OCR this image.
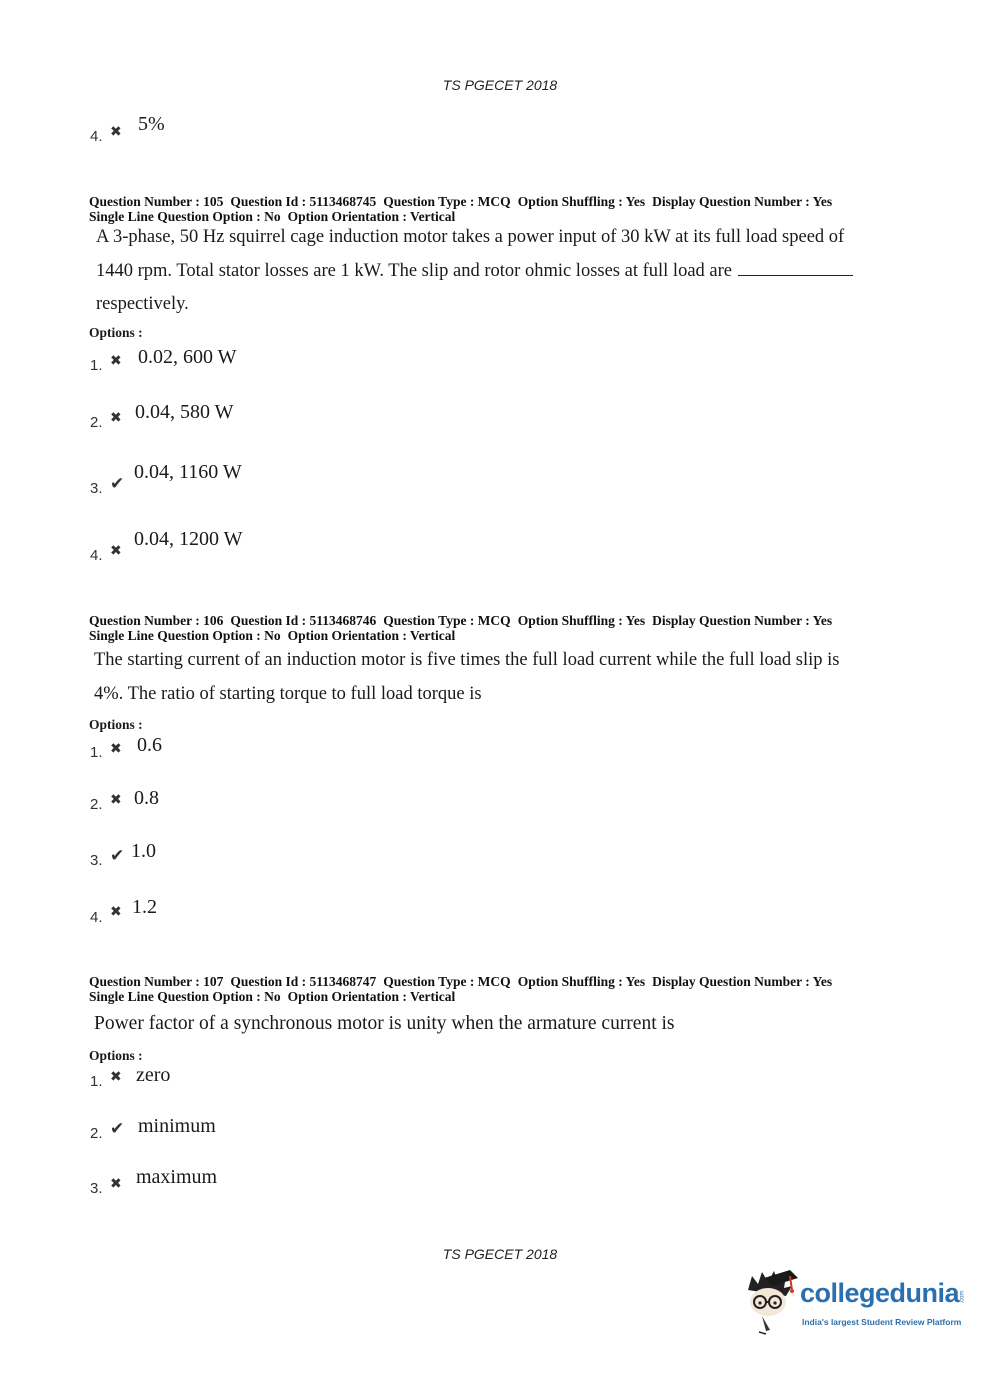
TS PGECET 2018
4. ✖ 5%
Question Number : 105 Question Id : 5113468745 Question Type : MCQ Option Shuffling : Yes Display Question Number : Yes
Single Line Question Option : No Option Orientation : Vertical
A 3-phase, 50 Hz squirrel cage induction motor takes a power input of 30 kW at its full load speed of
1440 rpm. Total stator losses are 1 kW. The slip and rotor ohmic losses at full load are
respectively.
Options :
1. ✖ 0.02, 600 W
2. ✖ 0.04, 580 W
3. ✔
0.04, 1160 W
4. ✖
0.04, 1200 W
Question Number : 106 Question Id : 5113468746 Question Type : MCQ Option Shuffling : Yes Display Question Number : Yes
Single Line Question Option : No Option Orientation : Vertical
The starting current of an induction motor is five times the full load current while the full load slip is
4%. The ratio of starting torque to full load torque is
Options :
1. ✖ 0.6
2. ✖ 0.8
3. ✔ 1.0
4. ✖ 1.2
Question Number : 107 Question Id : 5113468747 Question Type : MCQ Option Shuffling : Yes Display Question Number : Yes
Single Line Question Option : No Option Orientation : Vertical
Power factor of a synchronous motor is unity when the armature current is
Options :
1. ✖ zero
2. ✔ minimum
3. ✖ maximum
TS PGECET 2018
collegedunia .com
India's largest Student Review Platform
